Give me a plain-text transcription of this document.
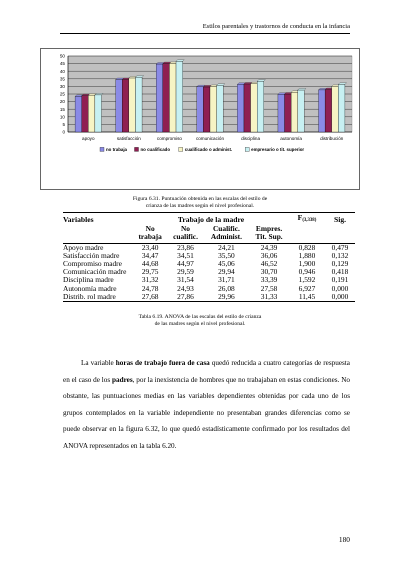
Estilos parentales y trastornos de conducta en la infancia
0
5
10
15
20
25
30
35
40
45
50
apoyo	satisfacción	compromiso	comunicación	disciplina	autonomía	distribución
no trabaja	no cualificado	cualificado o administ.	empresario o tit. superior
Figura 6.31. Puntuación obtenida en las escalas del estilo de
crianza de las madres según el nivel profesional.
Variables	Trabajo de la madre				$F_{(3,338)}$	Sig.
	No	No	Cualific.	Empres.		
	trabaja	cualific.	Administ.	Tit. Sup.		
Apoyo madre	23,40	23,86	24,21	24,39	0,828	0,479
Satisfacción madre	34,47	34,51	35,50	36,06	1,880	0,132
Compromiso madre	44,68	44,97	45,06	46,52	1,900	0,129
Comunicación madre	29,75	29,59	29,94	30,70	0,946	0,418
Disciplina madre	31,32	31,54	31,71	33,39	1,592	0,191
Autonomía madre	24,78	24,93	26,08	27,58	6,927	0,000
Distrib. rol madre	27,68	27,86	29,96	31,33	11,45	0,000
Tabla 6.19. ANOVA de las escalas del estilo de crianza
de las madres según el nivel profesional.
La variable horas de trabajo fuera de casa quedó reducida a cuatro categorías de respuesta en el caso de los padres, por la inexistencia de hombres que no trabajaban en estas condiciones. No obstante, las puntuaciones medias en las variables dependientes obtenidas por cada uno de los grupos contemplados en la variable independiente no presentaban grandes diferencias como se puede observar en la figura 6.32, lo que quedó estadísticamente confirmado por los resultados del ANOVA representados en la tabla 6.20.
180
